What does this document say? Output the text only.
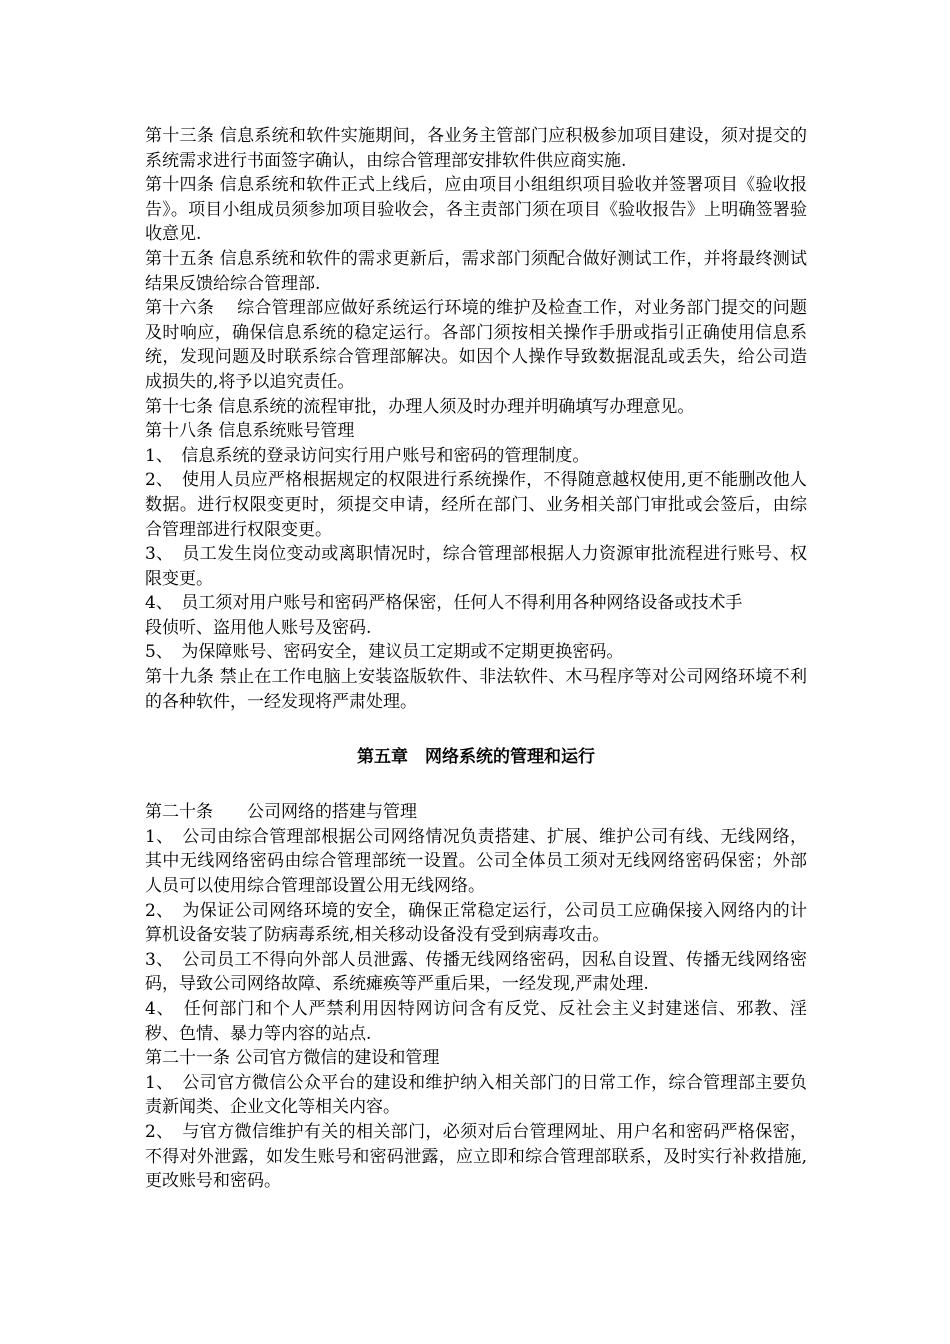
第十三条 信息系统和软件实施期间，各业务主管部门应积极参加项目建设，须对提交的系统需求进行书面签字确认，由综合管理部安排软件供应商实施.

第十四条 信息系统和软件正式上线后，应由项目小组组织项目验收并签署项目《验收报告》。项目小组成员须参加项目验收会，各主责部门须在项目《验收报告》上明确签署验收意见.

第十五条 信息系统和软件的需求更新后，需求部门须配合做好测试工作，并将最终测试结果反馈给综合管理部.

第十六条　 综合管理部应做好系统运行环境的维护及检查工作，对业务部门提交的问题及时响应，确保信息系统的稳定运行。各部门须按相关操作手册或指引正确使用信息系统，发现问题及时联系综合管理部解决。如因个人操作导致数据混乱或丢失，给公司造成损失的,将予以追究责任。

第十七条 信息系统的流程审批，办理人须及时办理并明确填写办理意见。

第十八条 信息系统账号管理

1、　信息系统的登录访问实行用户账号和密码的管理制度。

2、　使用人员应严格根据规定的权限进行系统操作，不得随意越权使用,更不能删改他人数据。进行权限变更时，须提交申请，经所在部门、业务相关部门审批或会签后，由综合管理部进行权限变更。

3、　员工发生岗位变动或离职情况时，综合管理部根据人力资源审批流程进行账号、权限变更。

4、　员工须对用户账号和密码严格保密，任何人不得利用各种网络设备或技术手

段侦听、盗用他人账号及密码.

5、　为保障账号、密码安全，建议员工定期或不定期更换密码。

第十九条 禁止在工作电脑上安装盗版软件、非法软件、木马程序等对公司网络环境不利的各种软件，一经发现将严肃处理。

第五章　网络系统的管理和运行

第二十条　　公司网络的搭建与管理

1、　公司由综合管理部根据公司网络情况负责搭建、扩展、维护公司有线、无线网络，其中无线网络密码由综合管理部统一设置。公司全体员工须对无线网络密码保密；外部人员可以使用综合管理部设置公用无线网络。

2、　为保证公司网络环境的安全，确保正常稳定运行，公司员工应确保接入网络内的计算机设备安装了防病毒系统,相关移动设备没有受到病毒攻击。

3、　公司员工不得向外部人员泄露、传播无线网络密码，因私自设置、传播无线网络密码，导致公司网络故障、系统瘫痪等严重后果，一经发现,严肃处理.

4、　任何部门和个人严禁利用因特网访问含有反党、反社会主义封建迷信、邪教、淫秽、色情、暴力等内容的站点.

第二十一条 公司官方微信的建设和管理

1、　公司官方微信公众平台的建设和维护纳入相关部门的日常工作，综合管理部主要负责新闻类、企业文化等相关内容。

2、　与官方微信维护有关的相关部门，必须对后台管理网址、用户名和密码严格保密，不得对外泄露，如发生账号和密码泄露，应立即和综合管理部联系，及时实行补救措施,更改账号和密码。
